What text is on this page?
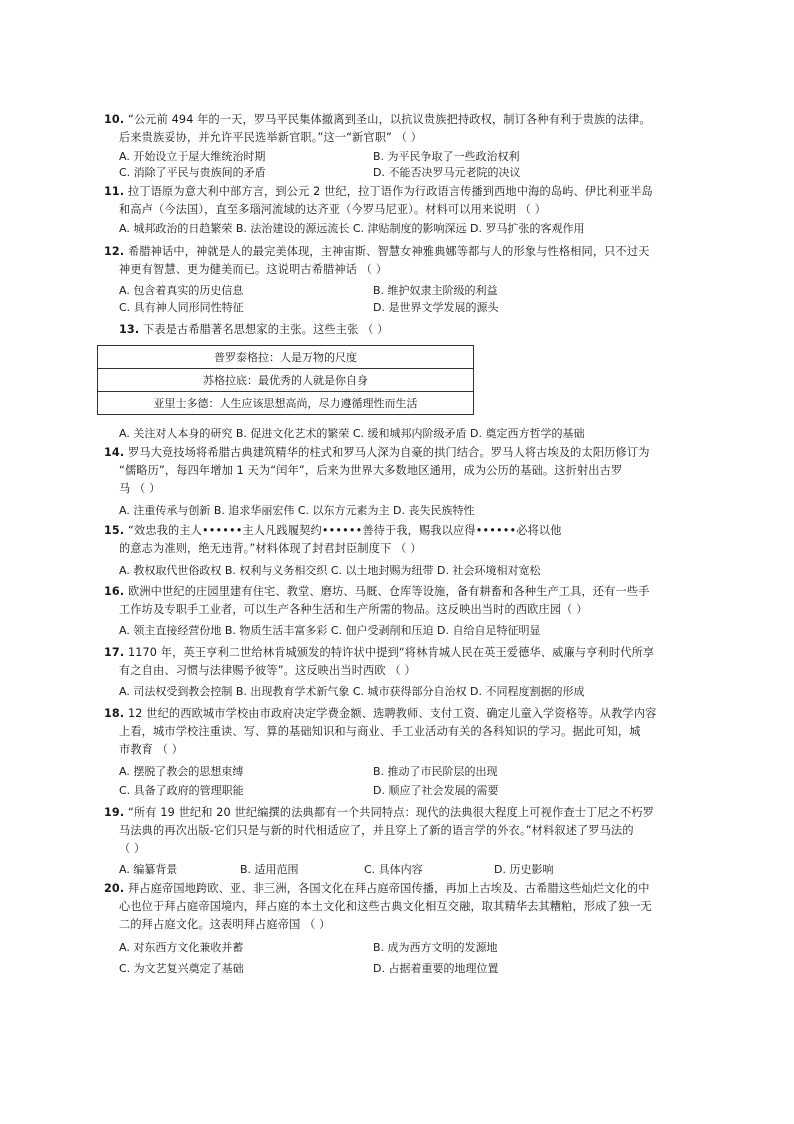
10. “公元前 494 年的一天，罗马平民集体撤离到圣山，以抗议贵族把持政权，制订各种有利于贵族的法律。
后来贵族妥协，并允许平民选举新官职。”这一“新官职” （ ）
A. 开始设立于屋大维统治时期	B. 为平民争取了一些政治权利
C. 消除了平民与贵族间的矛盾	D. 不能否决罗马元老院的决议
11. 拉丁语原为意大利中部方言，到公元 2 世纪，拉丁语作为行政语言传播到西地中海的岛屿、伊比利亚半岛
和高卢（今法国），直至多瑙河流域的达齐亚（今罗马尼亚）。材料可以用来说明 （ ）
A. 城邦政治的日趋繁荣 B. 法治建设的源远流长 C. 津贴制度的影响深远 D. 罗马扩张的客观作用
12. 希腊神话中，神就是人的最完美体现，主神宙斯、智慧女神雅典娜等都与人的形象与性格相同，只不过天
神更有智慧、更为健美而已。这说明古希腊神话 （ ）
A. 包含着真实的历史信息	B. 维护奴隶主阶级的利益
C. 具有神人同形同性特征	D. 是世界文学发展的源头
13. 下表是古希腊著名思想家的主张。这些主张 （ ）
普罗泰格拉：人是万物的尺度
苏格拉底：最优秀的人就是你自身
亚里士多德：人生应该思想高尚，尽力遵循理性而生活
A. 关注对人本身的研究 B. 促进文化艺术的繁荣 C. 缓和城邦内阶级矛盾 D. 奠定西方哲学的基础
14. 罗马大竞技场将希腊古典建筑精华的柱式和罗马人深为自豪的拱门结合。罗马人将古埃及的太阳历修订为
“儒略历”，每四年增加 1 天为“闰年”，后来为世界大多数地区通用，成为公历的基础。这折射出古罗
马 （ ）
A. 注重传承与创新 B. 追求华丽宏伟 C. 以东方元素为主 D. 丧失民族特性
15. “效忠我的主人••••••主人凡践履契约••••••善待于我，赐我以应得••••••必将以他
的意志为准则，绝无违背。”材料体现了封君封臣制度下 （ ）
A. 教权取代世俗政权 B. 权利与义务相交织 C. 以土地封赐为纽带 D. 社会环境相对宽松
16. 欧洲中世纪的庄园里建有住宅、教堂、磨坊、马厩、仓库等设施，备有耕畜和各种生产工具，还有一些手
工作坊及专职手工业者，可以生产各种生活和生产所需的物品。这反映出当时的西欧庄园（ ）
A. 领主直接经营份地 B. 物质生活丰富多彩 C. 佃户受剥削和压迫 D. 自给自足特征明显
17. 1170 年，英王亨利二世给林肯城颁发的特许状中提到“将林肯城人民在英王爱德华、威廉与亨利时代所享
有之自由、习惯与法律赐予彼等”。这反映出当时西欧 （ ）
A. 司法权受到教会控制 B. 出现教育学术新气象 C. 城市获得部分自治权 D. 不同程度割据的形成
18. 12 世纪的西欧城市学校由市政府决定学费金额、选聘教师、支付工资、确定儿童入学资格等。从教学内容
上看，城市学校注重读、写、算的基础知识和与商业、手工业活动有关的各科知识的学习。据此可知，城
市教育 （ ）
A. 摆脱了教会的思想束缚	B. 推动了市民阶层的出现
C. 具备了政府的管理职能	D. 顺应了社会发展的需要
19. “所有 19 世纪和 20 世纪编撰的法典都有一个共同特点：现代的法典很大程度上可视作查士丁尼之不朽罗
马法典的再次出版-它们只是与新的时代相适应了，并且穿上了新的语言学的外衣。”材料叙述了罗马法的
（ ）
A. 编纂背景	B. 适用范围	C. 具体内容	D. 历史影响
20. 拜占庭帝国地跨欧、亚、非三洲，各国文化在拜占庭帝国传播，再加上古埃及、古希腊这些灿烂文化的中
心也位于拜占庭帝国境内，拜占庭的本土文化和这些古典文化相互交融，取其精华去其糟粕，形成了独一无
二的拜占庭文化。这表明拜占庭帝国 （ ）
A. 对东西方文化兼收并蓄	B. 成为西方文明的发源地
C. 为文艺复兴奠定了基础	D. 占据着重要的地理位置
